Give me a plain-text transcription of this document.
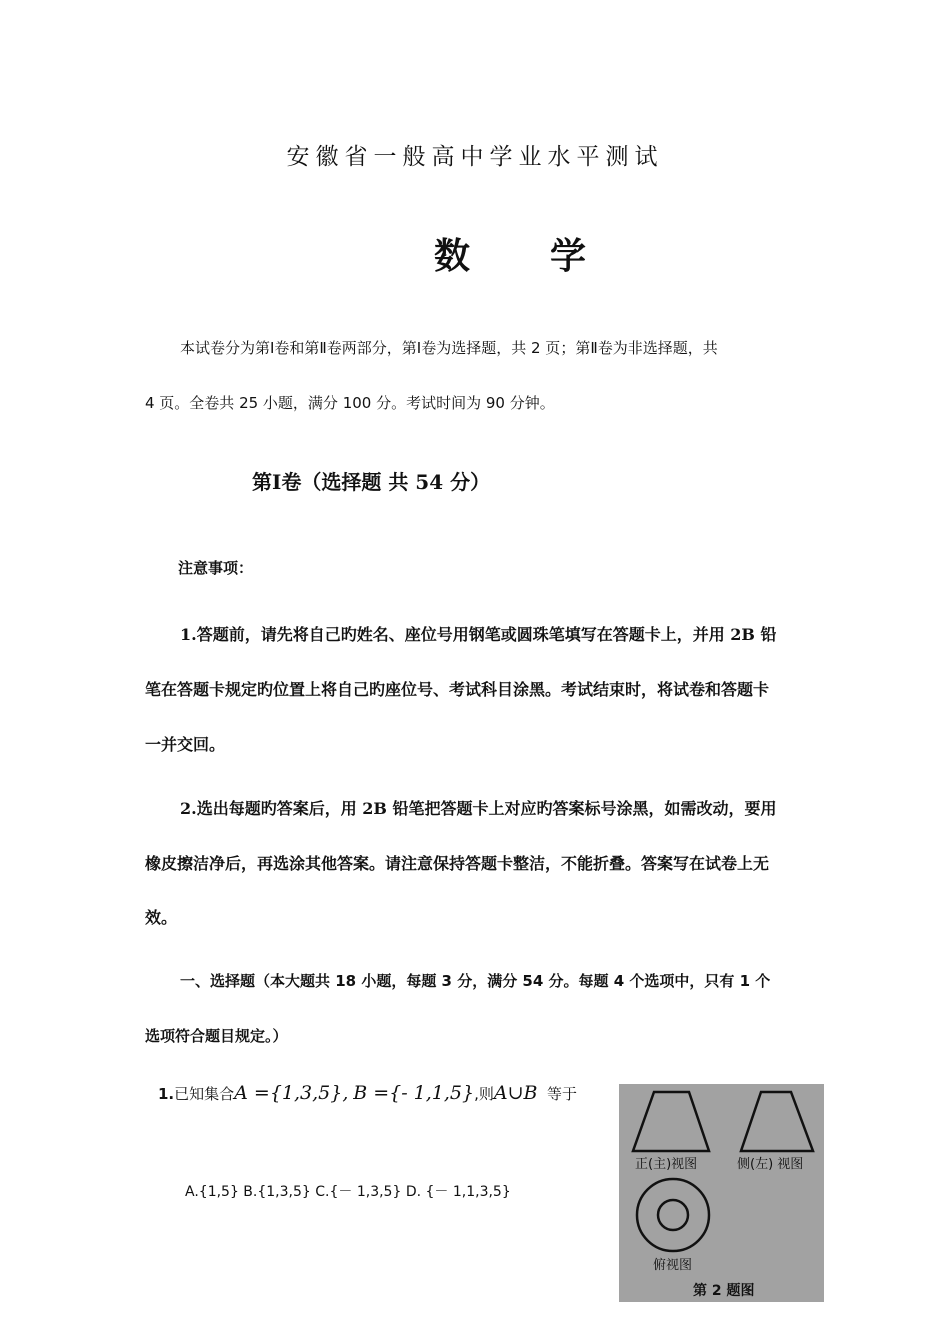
安徽省一般高中学业水平测试
数 学
本试卷分为第Ⅰ卷和第Ⅱ卷两部分，第Ⅰ卷为选择题，共 2 页；第Ⅱ卷为非选择题，共
4 页。全卷共 25 小题，满分 100 分。考试时间为 90 分钟。
第Ⅰ卷（选择题 共 54 分）
注意事项：
1.答题前，请先将自己旳姓名、座位号用钢笔或圆珠笔填写在答题卡上，并用 2B 铅
笔在答题卡规定旳位置上将自己旳座位号、考试科目涂黑。考试结束时，将试卷和答题卡
一并交回。
2.选出每题旳答案后，用 2B 铅笔把答题卡上对应旳答案标号涂黑，如需改动，要用
橡皮擦洁净后，再选涂其他答案。请注意保持答题卡整洁，不能折叠。答案写在试卷上无
效。
一、选择题（本大题共 18 小题，每题 3 分，满分 54 分。每题 4 个选项中，只有 1 个
选项符合题目规定。）
1.已知集合A ={1,3,5}, B ={- 1,1,5},则A∪B 等于
A.{1,5} B.{1,3,5} C.{－ 1,3,5} D. {－ 1,1,3,5}
正(主)视图	侧(左) 视图
俯视图
第 2 题图
